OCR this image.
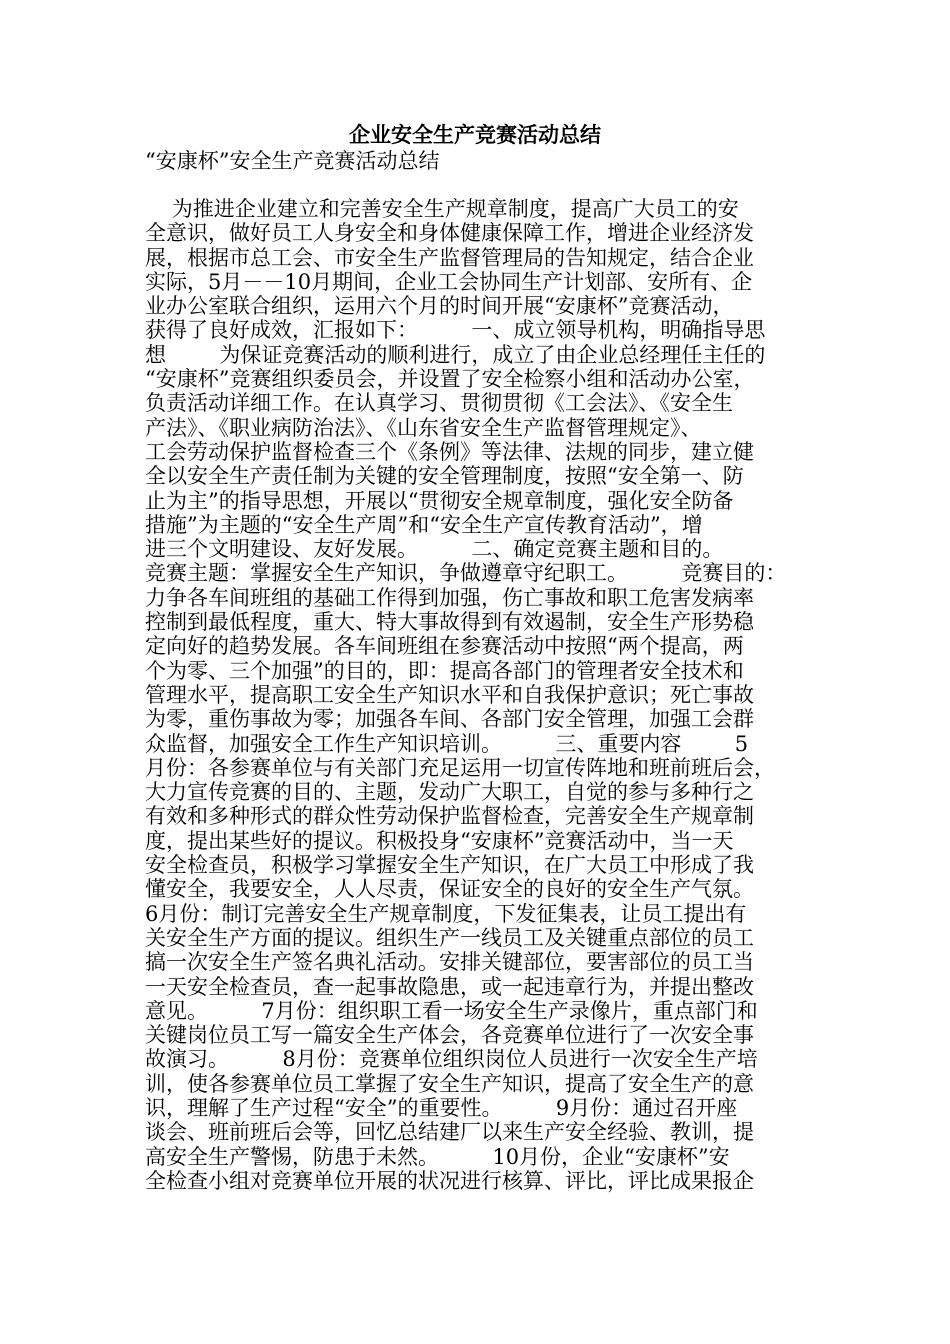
企业安全生产竞赛活动总结
“安康杯”安全生产竞赛活动总结
为推进企业建立和完善安全生产规章制度，提高广大员工的安
全意识，做好员工人身安全和身体健康保障工作，增进企业经济发
展，根据市总工会、市安全生产监督管理局的告知规定，结合企业
实际，5月－－10月期间，企业工会协同生产计划部、安所有、企
业办公室联合组织，运用六个月的时间开展“安康杯”竞赛活动，
获得了良好成效，汇报如下：        一、成立领导机构，明确指导思
想        为保证竞赛活动的顺利进行，成立了由企业总经理任主任的
“安康杯”竞赛组织委员会，并设置了安全检察小组和活动办公室，
负责活动详细工作。在认真学习、贯彻贯彻《工会法》、《安全生
产法》、《职业病防治法》、《山东省安全生产监督管理规定》、
工会劳动保护监督检查三个《条例》等法律、法规的同步，建立健
全以安全生产责任制为关键的安全管理制度，按照“安全第一、防
止为主”的指导思想，开展以“贯彻安全规章制度，强化安全防备
措施”为主题的“安全生产周”和“安全生产宣传教育活动”，增
进三个文明建设、友好发展。        二、确定竞赛主题和目的。
竞赛主题：掌握安全生产知识，争做遵章守纪职工。        竞赛目的：
力争各车间班组的基础工作得到加强，伤亡事故和职工危害发病率
控制到最低程度，重大、特大事故得到有效遏制，安全生产形势稳
定向好的趋势发展。各车间班组在参赛活动中按照“两个提高，两
个为零、三个加强”的目的，即：提高各部门的管理者安全技术和
管理水平，提高职工安全生产知识水平和自我保护意识；死亡事故
为零，重伤事故为零；加强各车间、各部门安全管理，加强工会群
众监督，加强安全工作生产知识培训。        三、重要内容        5
月份：各参赛单位与有关部门充足运用一切宣传阵地和班前班后会，
大力宣传竞赛的目的、主题，发动广大职工，自觉的参与多种行之
有效和多种形式的群众性劳动保护监督检查，完善安全生产规章制
度，提出某些好的提议。积极投身“安康杯”竞赛活动中，当一天
安全检查员，积极学习掌握安全生产知识，在广大员工中形成了我
懂安全，我要安全，人人尽责，保证安全的良好的安全生产气氛。
6月份：制订完善安全生产规章制度，下发征集表，让员工提出有
关安全生产方面的提议。组织生产一线员工及关键重点部位的员工
搞一次安全生产签名典礼活动。安排关键部位，要害部位的员工当
一天安全检查员，查一起事故隐患，或一起违章行为，并提出整改
意见。        7月份：组织职工看一场安全生产录像片，重点部门和
关键岗位员工写一篇安全生产体会，各竞赛单位进行了一次安全事
故演习。        8月份：竞赛单位组织岗位人员进行一次安全生产培
训，使各参赛单位员工掌握了安全生产知识，提高了安全生产的意
识，理解了生产过程“安全”的重要性。        9月份：通过召开座
谈会、班前班后会等，回忆总结建厂以来生产安全经验、教训，提
高安全生产警惕，防患于未然。        10月份，企业“安康杯”安
全检查小组对竞赛单位开展的状况进行核算、评比，评比成果报企
